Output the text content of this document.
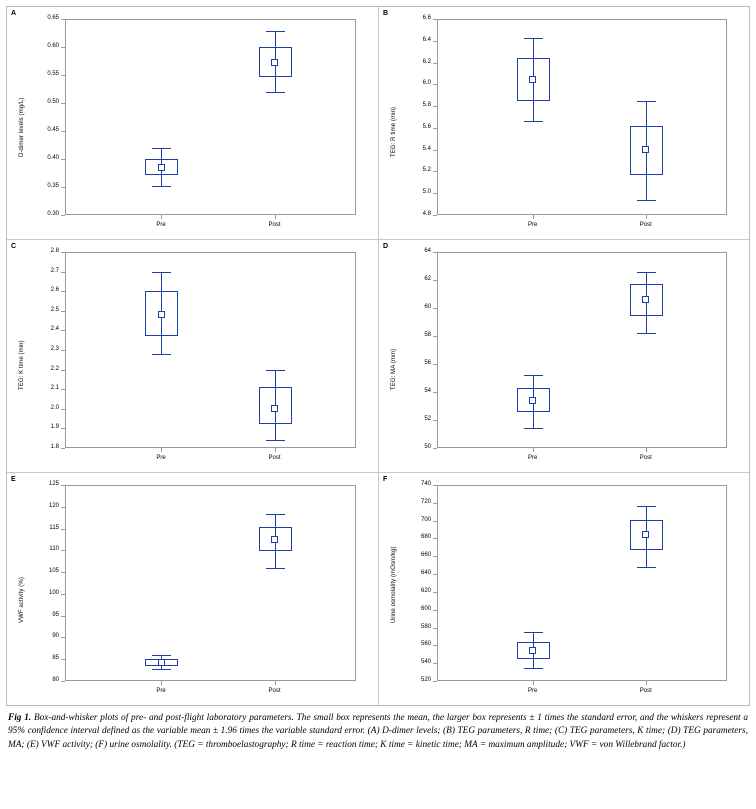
A
0.30
0.35
0.40
0.45
0.50
0.55
0.60
0.65
D-dimer levels (mg/L)
Pre	Post
B
4.8
5.0
5.2
5.4
5.6
5.8
6.0
6.2
6.4
6.6
TEG: R time (min)
Pre	Post
C
1.8
1.9
2.0
2.1
2.2
2.3
2.4
2.5
2.6
2.7
2.8
TEG: K time (min)
Pre	Post
D
50
52
54
56
58
60
62
64
TEG: MA (mm)
Pre	Post
E
80
85
90
95
100
105
110
115
120
125
VWF activity (%)
Pre	Post
F
520
540
560
580
600
620
640
660
680
700
720
740
Urine osmolality (mOsm/kg)
Pre	Post
Fig 1. Box-and-whisker plots of pre- and post-flight laboratory parameters. The small box represents the mean, the larger box represents ± 1 times the standard error, and the whiskers represent a 95% confidence interval defined as the variable mean ± 1.96 times the variable standard error. (A) D-dimer levels; (B) TEG parameters, R time; (C) TEG parameters, K time; (D) TEG parameters, MA; (E) VWF activity; (F) urine osmolality. (TEG = thromboelastography; R time = reaction time; K time = kinetic time; MA = maximum amplitude; VWF = von Willebrand factor.)
